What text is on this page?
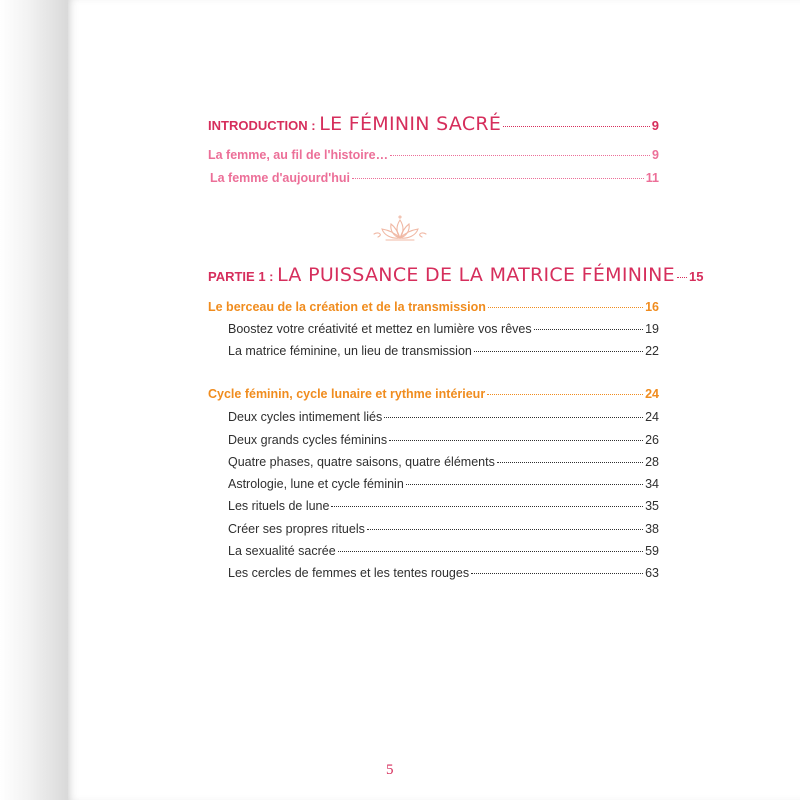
INTRODUCTION : LE FÉMININ SACRÉ	9
La femme, au fil de l'histoire…	9
La femme d'aujourd'hui	11
PARTIE 1 : LA PUISSANCE DE LA MATRICE FÉMININE 15
Le berceau de la création et de la transmission	16
Boostez votre créativité et mettez en lumière vos rêves	19
La matrice féminine, un lieu de transmission	22
Cycle féminin, cycle lunaire et rythme intérieur	24
Deux cycles intimement liés	24
Deux grands cycles féminins	26
Quatre phases, quatre saisons, quatre éléments	28
Astrologie, lune et cycle féminin	34
Les rituels de lune	35
Créer ses propres rituels	38
La sexualité sacrée	59
Les cercles de femmes et les tentes rouges	63
5
